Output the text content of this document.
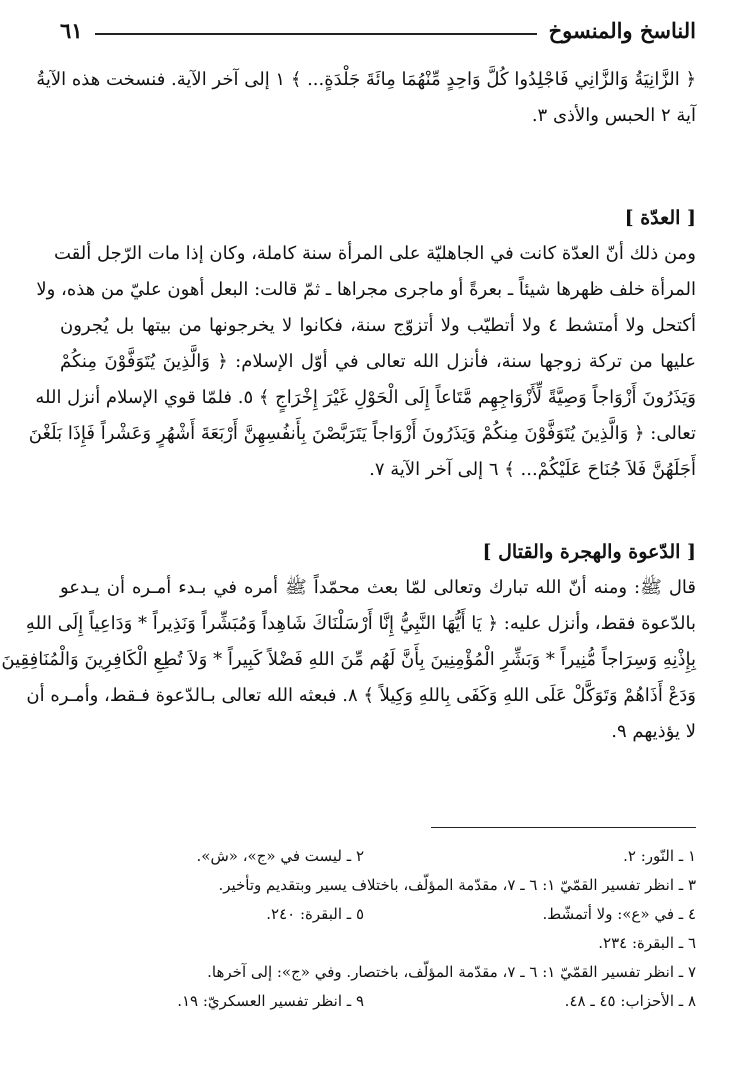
الناسخ والمنسوخ
٦١

﴿ الزَّانِيَةُ وَالزَّانِي فَاجْلِدُوا كُلَّ وَاحِدٍ مِّنْهُمَا مِائَةَ جَلْدَةٍ... ﴾ ١ إلى آخر الآية. فنسخت هذه الآيةُ

آية ٢ الحبس والأذى ٣.

[ العدّة ]

ومن ذلك أنّ العدّة كانت في الجاهليّة على المرأة سنة كاملة، وكان إذا مات الرّجل ألقت

المرأة خلف ظهرها شيئاً ـ بعرةً أو ماجرى مجراها ـ ثمّ قالت: البعل أهون عليّ من هذه، ولا

أكتحل ولا أمتشط ٤ ولا أتطيّب ولا أتزوّج سنة، فكانوا لا يخرجونها من بيتها بل يُجرون

عليها من تركة زوجها سنة، فأنزل الله تعالى في أوّل الإسلام: ﴿ وَالَّذِينَ يُتَوَفَّوْنَ مِنكُمْ

وَيَذَرُونَ أَزْوَاجاً وَصِيَّةً لِّأَزْوَاجِهِم مَّتَاعاً إِلَى الْحَوْلِ غَيْرَ إِخْرَاجٍ ﴾ ٥. فلمّا قوي الإسلام أنزل الله

تعالى: ﴿ وَالَّذِينَ يُتَوَفَّوْنَ مِنكُمْ وَيَذَرُونَ أَزْوَاجاً يَتَرَبَّصْنَ بِأَنفُسِهِنَّ أَرْبَعَةَ أَشْهُرٍ وَعَشْراً فَإِذَا بَلَغْنَ

أَجَلَهُنَّ فَلاَ جُنَاحَ عَلَيْكُمْ... ﴾ ٦ إلى آخر الآية ٧.

[ الدّعوة والهجرة والقتال ]

قال ﷺ: ومنه أنّ الله تبارك وتعالى لمّا بعث محمّداً ﷺ أمره في بـدء أمـره أن يـدعو

بالدّعوة فقط، وأنزل عليه: ﴿ يَا أَيُّهَا النَّبِيُّ إِنَّا أَرْسَلْنَاكَ شَاهِداً وَمُبَشِّراً وَنَذِيراً * وَدَاعِياً إِلَى اللهِ

بِإِذْنِهِ وَسِرَاجاً مُّنِيراً * وَبَشِّرِ الْمُؤْمِنِينَ بِأَنَّ لَهُم مِّنَ اللهِ فَضْلاً كَبِيراً * وَلاَ تُطِعِ الْكَافِرِينَ وَالْمُنَافِقِينَ

وَدَعْ أَذَاهُمْ وَتَوَكَّلْ عَلَى اللهِ وَكَفَى بِاللهِ وَكِيلاً ﴾ ٨. فبعثه الله تعالى بـالدّعوة فـقط، وأمـره أن

لا يؤذيهم ٩.

١ ـ النّور: ٢.
٢ ـ ليست في «ج»، «ش».
٣ ـ انظر تفسير القمّيّ ١: ٦ ـ ٧، مقدّمة المؤلّف، باختلاف يسير وبتقديم وتأخير.
٤ ـ في «ع»: ولا أتمشّط.
٥ ـ البقرة: ٢٤٠.
٦ ـ البقرة: ٢٣٤.
٧ ـ انظر تفسير القمّيّ ١: ٦ ـ ٧، مقدّمة المؤلّف، باختصار. وفي «ج»: إلى آخرها.
٨ ـ الأحزاب: ٤٥ ـ ٤٨.
٩ ـ انظر تفسير العسكريّ: ١٩.
